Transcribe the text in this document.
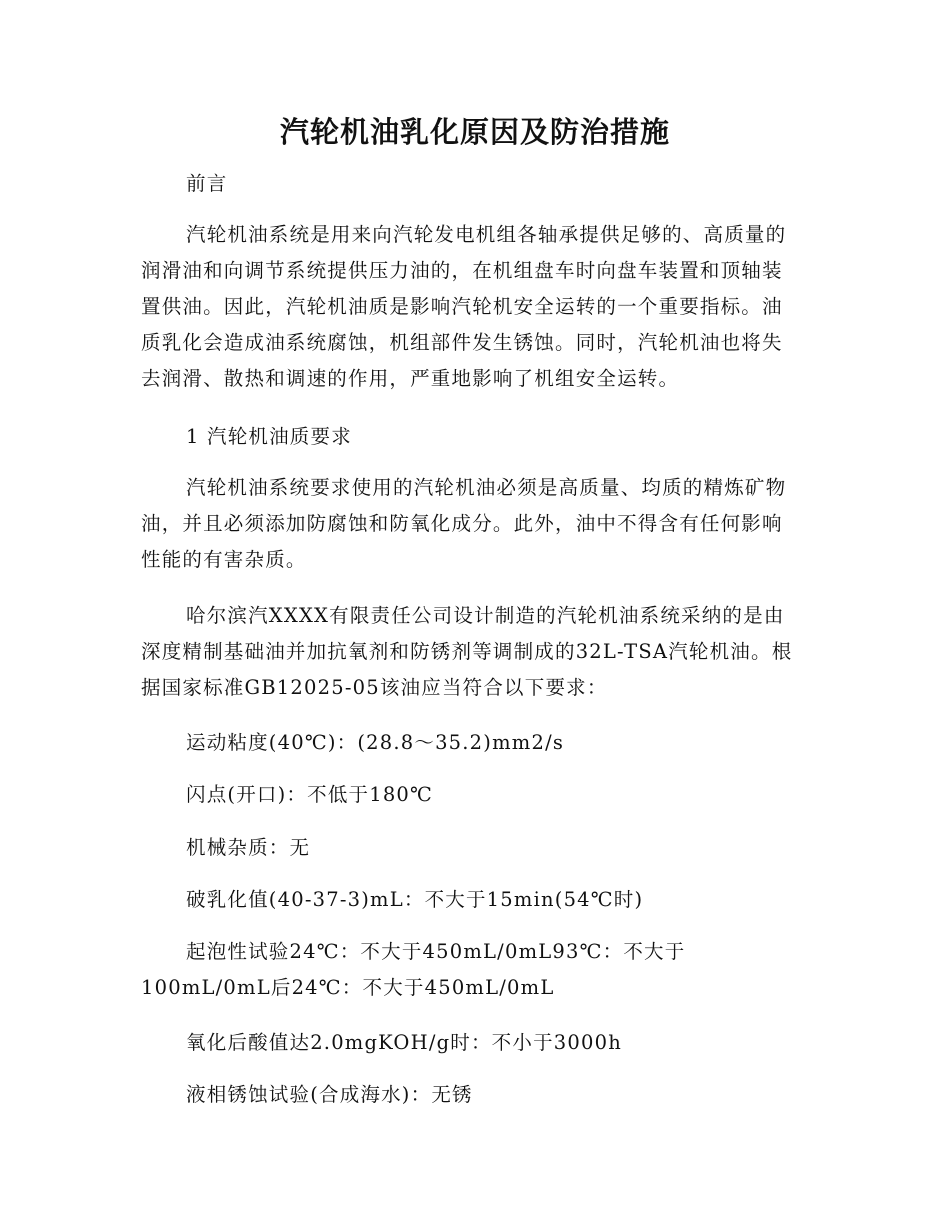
汽轮机油乳化原因及防治措施

前言

汽轮机油系统是用来向汽轮发电机组各轴承提供足够的、高质量的润滑油和向调节系统提供压力油的，在机组盘车时向盘车装置和顶轴装置供油。因此，汽轮机油质是影响汽轮机安全运转的一个重要指标。油质乳化会造成油系统腐蚀，机组部件发生锈蚀。同时，汽轮机油也将失去润滑、散热和调速的作用，严重地影响了机组安全运转。

1 汽轮机油质要求

汽轮机油系统要求使用的汽轮机油必须是高质量、均质的精炼矿物油，并且必须添加防腐蚀和防氧化成分。此外，油中不得含有任何影响性能的有害杂质。

哈尔滨汽XXXX有限责任公司设计制造的汽轮机油系统采纳的是由深度精制基础油并加抗氧剂和防锈剂等调制成的32L-TSA汽轮机油。根据国家标准GB12025-05该油应当符合以下要求：

运动粘度(40℃)：(28.8～35.2)mm2/s

闪点(开口)：不低于180℃

机械杂质：无

破乳化值(40-37-3)mL：不大于15min(54℃时)

起泡性试验24℃：不大于450mL/0mL93℃：不大于100mL/0mL后24℃：不大于450mL/0mL

氧化后酸值达2.0mgKOH/g时：不小于3000h

液相锈蚀试验(合成海水)：无锈
